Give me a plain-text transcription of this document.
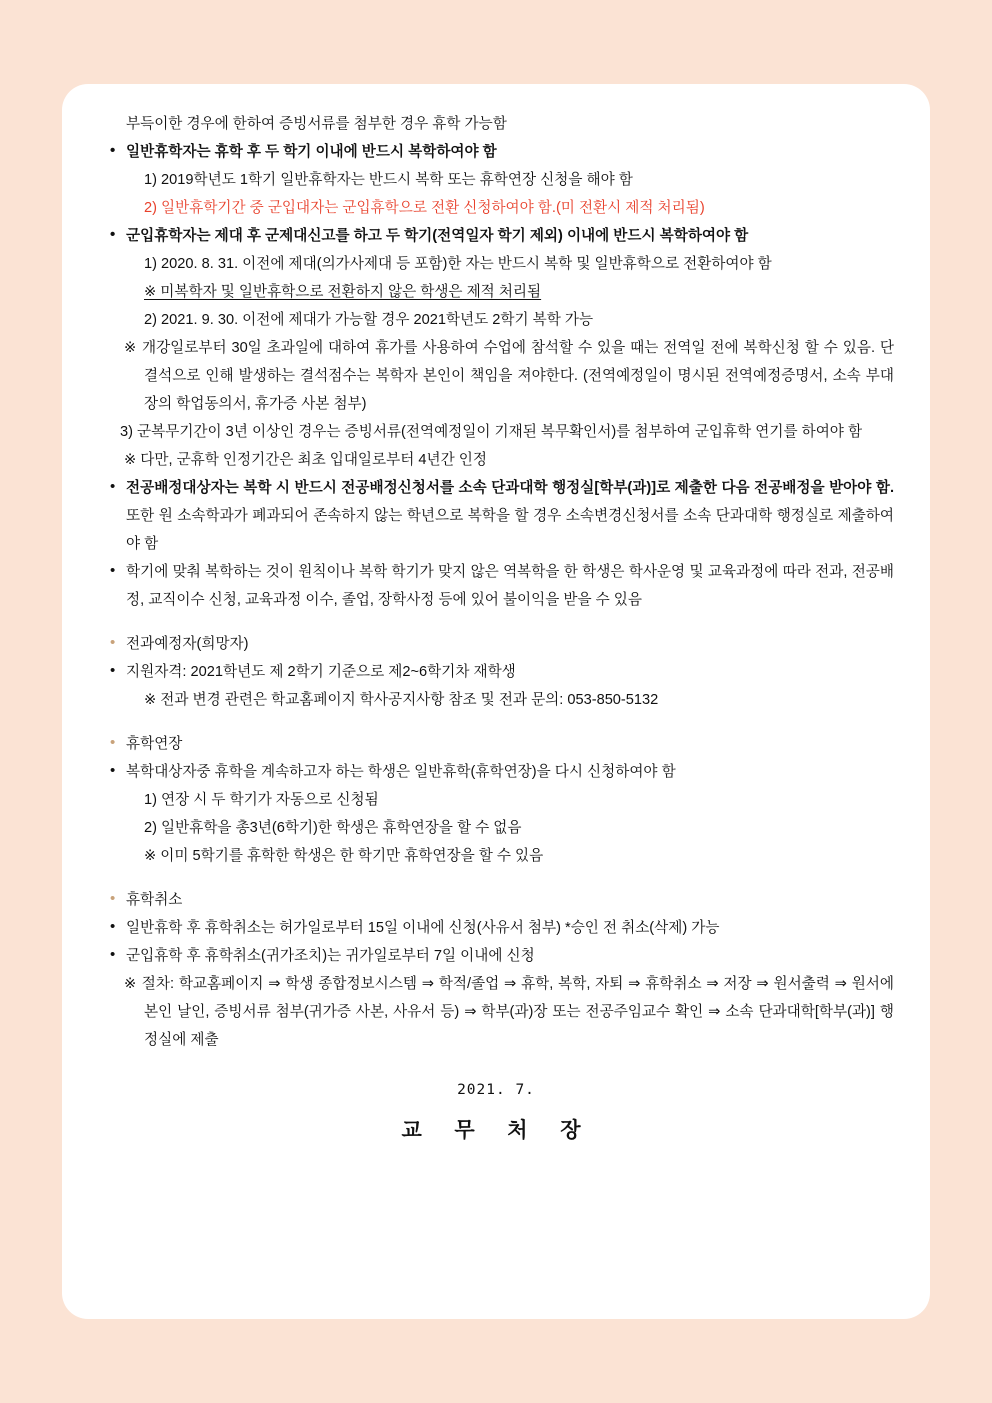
부득이한 경우에 한하여 증빙서류를 첨부한 경우 휴학 가능함
• 일반휴학자는 휴학 후 두 학기 이내에 반드시 복학하여야 함
1) 2019학년도 1학기 일반휴학자는 반드시 복학 또는 휴학연장 신청을 해야 함
2) 일반휴학기간 중 군입대자는 군입휴학으로 전환 신청하여야 함.(미 전환시 제적 처리됨)
• 군입휴학자는 제대 후 군제대신고를 하고 두 학기(전역일자 학기 제외) 이내에 반드시 복학하여야 함
1) 2020. 8. 31. 이전에 제대(의가사제대 등 포함)한 자는 반드시 복학 및 일반휴학으로 전환하여야 함
※ 미복학자 및 일반휴학으로 전환하지 않은 학생은 제적 처리됨
2) 2021. 9. 30. 이전에 제대가 가능할 경우 2021학년도 2학기 복학 가능
※ 개강일로부터 30일 초과일에 대하여 휴가를 사용하여 수업에 참석할 수 있을 때는 전역일 전에 복학신청 할 수 있음. 단 결석으로 인해 발생하는 결석점수는 복학자 본인이 책임을 져야한다. (전역예정일이 명시된 전역예정증명서, 소속 부대장의 학업동의서, 휴가증 사본 첨부)
3) 군복무기간이 3년 이상인 경우는 증빙서류(전역예정일이 기재된 복무확인서)를 첨부하여 군입휴학 연기를 하여야 함
※ 다만, 군휴학 인정기간은 최초 입대일로부터 4년간 인정
• 전공배정대상자는 복학 시 반드시 전공배정신청서를 소속 단과대학 행정실[학부(과)]로 제출한 다음 전공배정을 받아야 함. 또한 원 소속학과가 폐과되어 존속하지 않는 학년으로 복학을 할 경우 소속변경신청서를 소속 단과대학 행정실로 제출하여야 함
• 학기에 맞춰 복학하는 것이 원칙이나 복학 학기가 맞지 않은 역복학을 한 학생은 학사운영 및 교육과정에 따라 전과, 전공배정, 교직이수 신청, 교육과정 이수, 졸업, 장학사정 등에 있어 불이익을 받을 수 있음
• 전과예정자(희망자)
• 지원자격: 2021학년도 제 2학기 기준으로 제2~6학기차 재학생
※ 전과 변경 관련은 학교홈페이지 학사공지사항 참조 및 전과 문의: 053-850-5132
• 휴학연장
• 복학대상자중 휴학을 계속하고자 하는 학생은 일반휴학(휴학연장)을 다시 신청하여야 함
1) 연장 시 두 학기가 자동으로 신청됨
2) 일반휴학을 총3년(6학기)한 학생은 휴학연장을 할 수 없음
※ 이미 5학기를 휴학한 학생은 한 학기만 휴학연장을 할 수 있음
• 휴학취소
• 일반휴학 후 휴학취소는 허가일로부터 15일 이내에 신청(사유서 첨부) *승인 전 취소(삭제) 가능
• 군입휴학 후 휴학취소(귀가조치)는 귀가일로부터 7일 이내에 신청
※ 절차: 학교홈페이지 ⇒ 학생 종합정보시스템 ⇒ 학적/졸업 ⇒ 휴학, 복학, 자퇴 ⇒ 휴학취소 ⇒ 저장 ⇒ 원서출력 ⇒ 원서에 본인 날인, 증빙서류 첨부(귀가증 사본, 사유서 등) ⇒ 학부(과)장 또는 전공주임교수 확인 ⇒ 소속 단과대학[학부(과)] 행정실에 제출
2021. 7.
교 무 처 장
